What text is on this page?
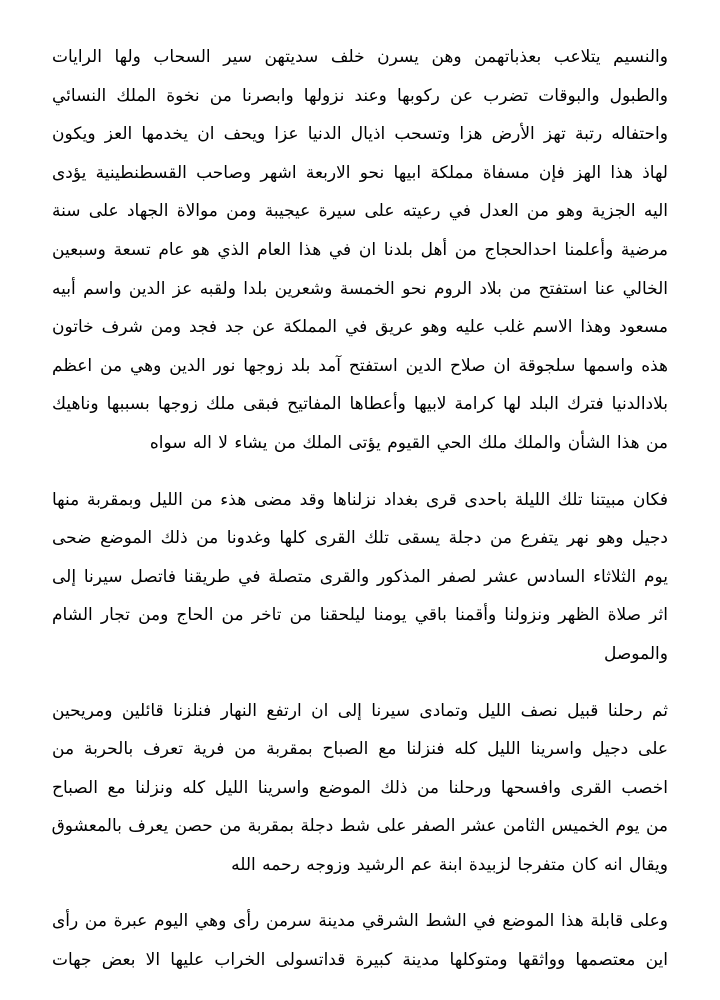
والنسيم يتلاعب بعذباتهمن وهن يسرن خلف سديتهن سير السحاب ولها الرايات
والطبول والبوقات تضرب عن ركوبها وعند نزولها وابصرنا من نخوة الملك النسائي
واحتفاله رتبة تهز الأرض هزا وتسحب اذيال الدنيا عزا ويحف ان يخدمها العز ويكون
لهاذ هذا الهز فإن مسفاة مملكة ابيها نحو الاربعة اشهر وصاحب القسطنطينية يؤدى
اليه الجزية وهو من العدل في رعيته على سيرة عيجيبة ومن موالاة الجهاد على سنة
مرضية وأعلمنا احدالحجاج من أهل بلدنا ان في هذا العام الذي هو عام تسعة وسبعين
الخالي عنا استفتح من بلاد الروم نحو الخمسة وشعرين بلدا ولقبه عز الدين واسم أبيه
مسعود وهذا الاسم غلب عليه وهو عريق في المملكة عن جد فجد ومن شرف خاتون
هذه واسمها سلجوقة ان صلاح الدين استفتح آمد بلد زوجها نور الدين وهي من اعظم
بلادالدنيا فترك البلد لها كرامة لابيها وأعطاها المفاتيح فبقى ملك زوجها بسببها وناهيك
من هذا الشأن والملك ملك الحي القيوم يؤتى الملك من يشاء لا اله سواه
فكان مبيتنا تلك الليلة باحدى قرى بغداد نزلناها وقد مضى هذء من الليل وبمقربة منها
دجيل وهو نهر يتفرع من دجلة يسقى تلك القرى كلها وغدونا من ذلك الموضع ضحى
يوم الثلاثاء السادس عشر لصفر المذكور والقرى متصلة في طريقنا فاتصل سيرنا إلى
اثر صلاة الظهر ونزولنا وأقمنا باقي يومنا ليلحقنا من تاخر من الحاج ومن تجار الشام
والموصل
ثم رحلنا قبيل نصف الليل وتمادى سيرنا إلى ان ارتفع النهار فنلزنا قائلين ومريحين
على دجيل واسرينا الليل كله فنزلنا مع الصباح بمقربة من فرية تعرف بالحربة من
اخصب القرى وافسحها ورحلنا من ذلك الموضع واسرينا الليل كله ونزلنا مع الصباح
من يوم الخميس الثامن عشر الصفر على شط دجلة بمقربة من حصن يعرف بالمعشوق
ويقال انه كان متفرجا لزبيدة ابنة عم الرشيد وزوجه رحمه الله
وعلى قابلة هذا الموضع في الشط الشرقي مدينة سرمن رأى وهي اليوم عبرة من رأى
اين معتصمها وواثقها ومتوكلها مدينة كبيرة قداتسولى الخراب عليها الا بعض جهات
